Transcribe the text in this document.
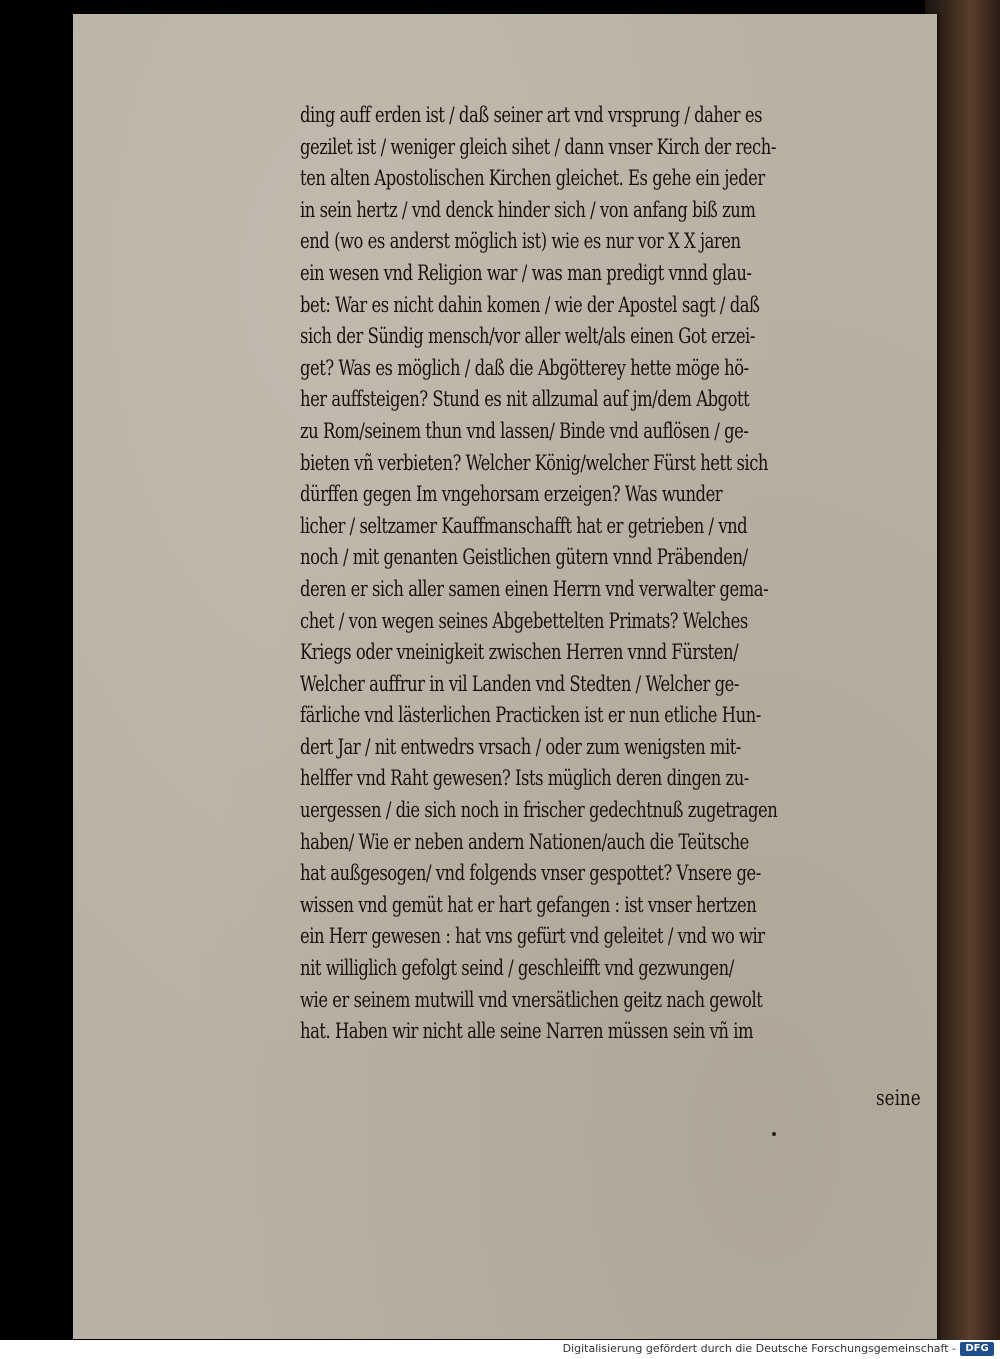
ding auff erden ist / daß seiner art vnd vrsprung / daher es
gezilet ist / weniger gleich sihet / dann vnser Kirch der rech-
ten alten Apostolischen Kirchen gleichet. Es gehe ein jeder
in sein hertz / vnd denck hinder sich / von anfang biß zum
end (wo es anderst möglich ist) wie es nur vor X X jaren
ein wesen vnd Religion war / was man predigt vnnd glau-
bet: War es nicht dahin komen / wie der Apostel sagt / daß
sich der Sündig mensch/vor aller welt/als einen Got erzei-
get? Was es möglich / daß die Abgötterey hette möge hö-
her auffsteigen? Stund es nit allzumal auf jm/dem Abgott
zu Rom/seinem thun vnd lassen/ Binde vnd auflösen / ge-
bieten vñ verbieten? Welcher König/welcher Fürst hett sich
dürffen gegen Im vngehorsam erzeigen? Was wunder
licher / seltzamer Kauffmanschafft hat er getrieben / vnd
noch / mit genanten Geistlichen gütern vnnd Präbenden/
deren er sich aller samen einen Herrn vnd verwalter gema-
chet / von wegen seines Abgebettelten Primats? Welches
Kriegs oder vneinigkeit zwischen Herren vnnd Fürsten/
Welcher auffrur in vil Landen vnd Stedten / Welcher ge-
färliche vnd lästerlichen Practicken ist er nun etliche Hun-
dert Jar / nit entwedrs vrsach / oder zum wenigsten mit-
helffer vnd Raht gewesen? Ists müglich deren dingen zu-
uergessen / die sich noch in frischer gedechtnuß zugetragen
haben/ Wie er neben andern Nationen/auch die Teütsche
hat außgesogen/ vnd folgends vnser gespottet? Vnsere ge-
wissen vnd gemüt hat er hart gefangen : ist vnser hertzen
ein Herr gewesen : hat vns gefürt vnd geleitet / vnd wo wir
nit williglich gefolgt seind / geschleifft vnd gezwungen/
wie er seinem mutwill vnd vnersätlichen geitz nach gewolt
hat. Haben wir nicht alle seine Narren müssen sein vñ im
seine
Digitalisierung gefördert durch die Deutsche Forschungsgemeinschaft - DFG
